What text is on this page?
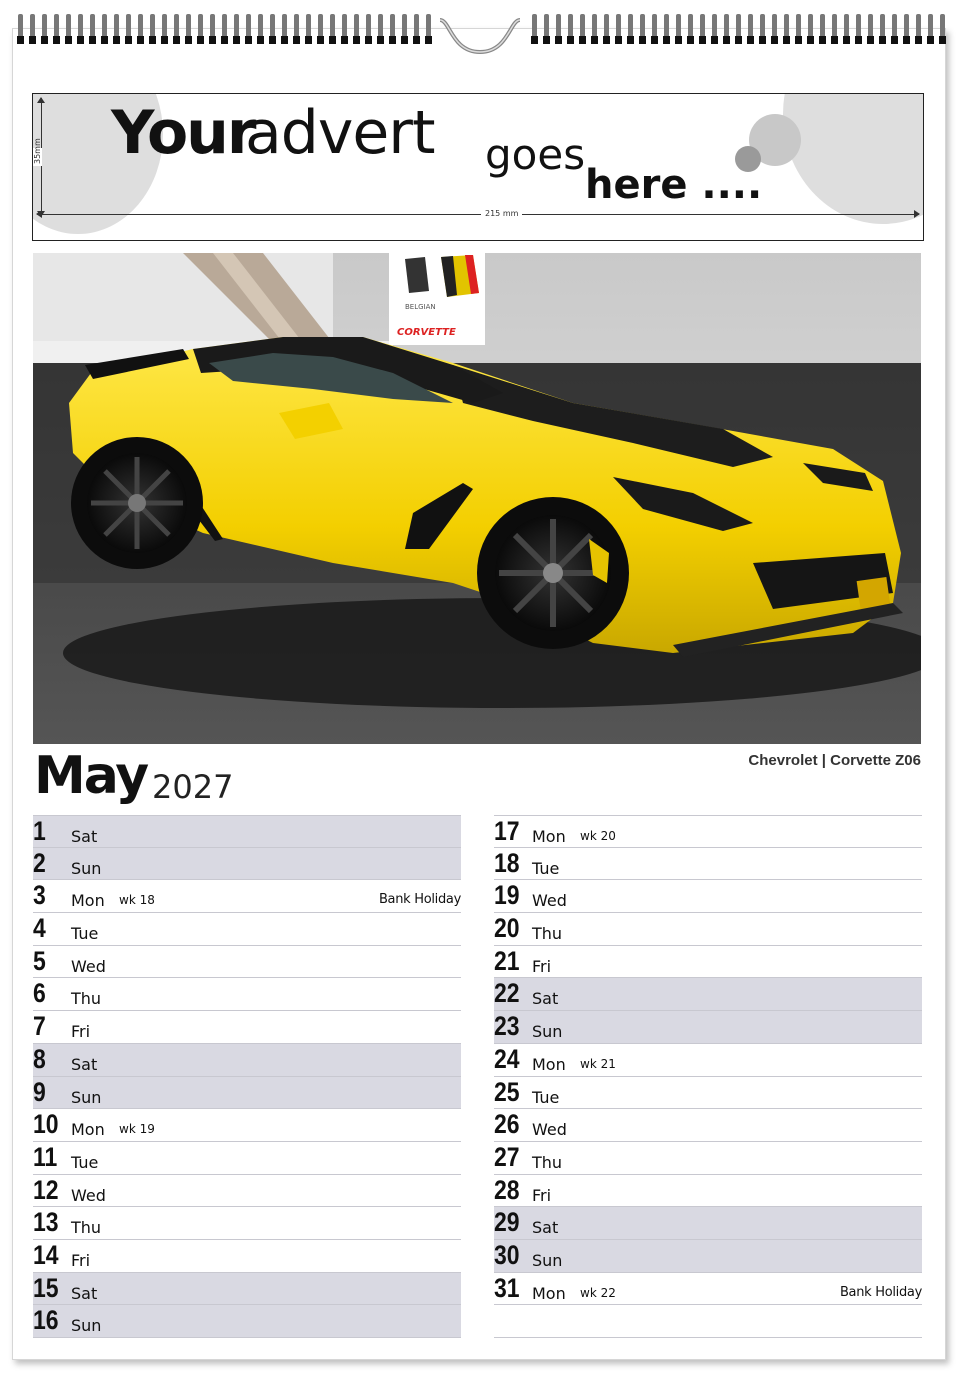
Your
advert goes
here ....
215 mm
35mm
BELGIAN
CORVETTE
Chevrolet | Corvette Z06
May 2027
1 Sat
2 Sun
3 Mon wk 18	Bank Holiday
4 Tue
5 Wed
6 Thu
7 Fri
8 Sat
9 Sun
10 Mon wk 19
11 Tue
12 Wed
13 Thu
14 Fri
15 Sat
16 Sun
17 Mon wk 20
18 Tue
19 Wed
20 Thu
21 Fri
22 Sat
23 Sun
24 Mon wk 21
25 Tue
26 Wed
27 Thu
28 Fri
29 Sat
30 Sun
31 Mon wk 22	Bank Holiday
